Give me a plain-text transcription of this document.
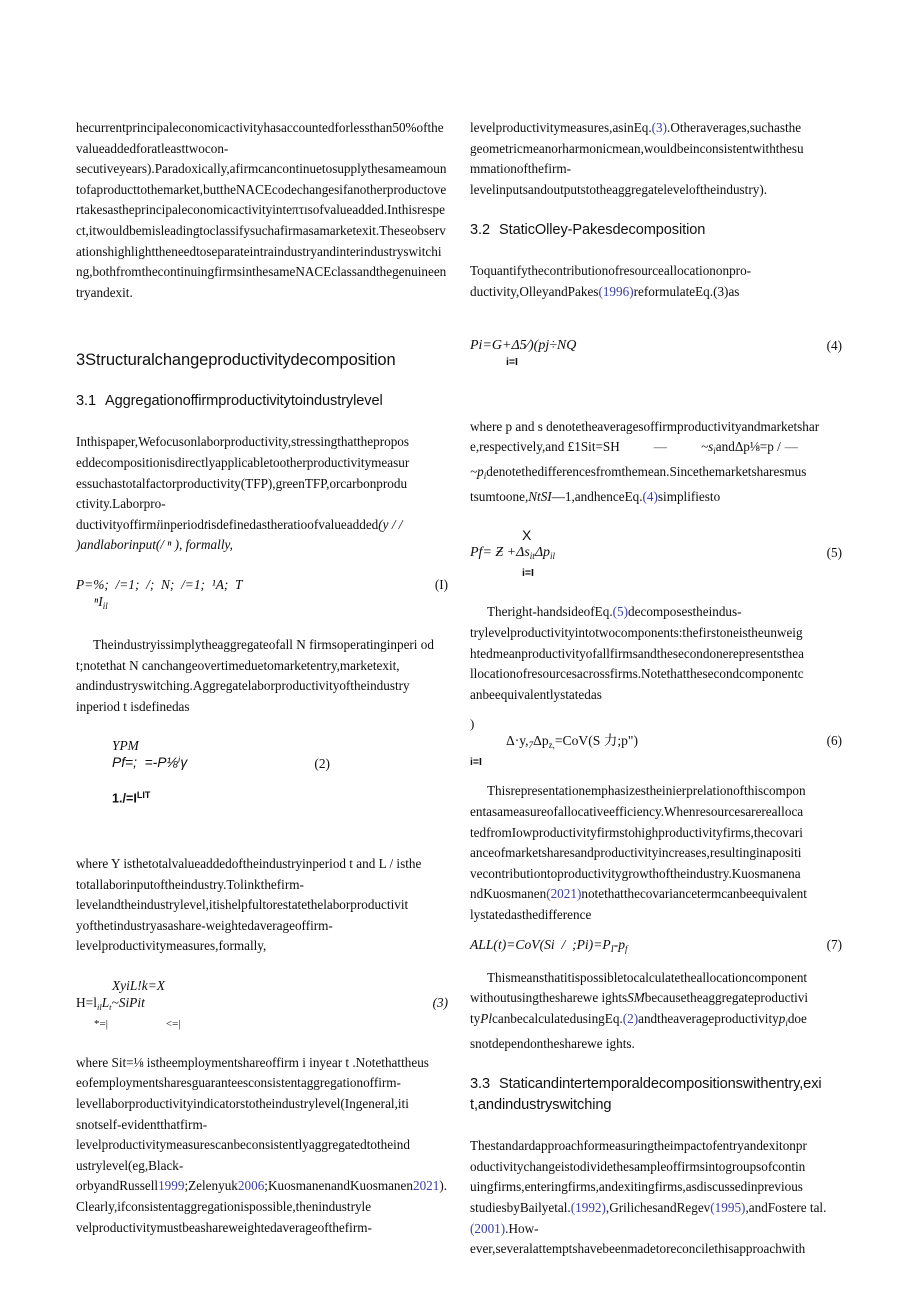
hecurrentprincipaleconomicactivityhasaccountedforlessthan50%ofthevalueaddedforatleasttwocon-secutiveyears).Paradoxically,afirmcancontinuetosupplythesameamountofaproducttothemarket,buttheNACEcodechangesifanotherproductovertakesastheprincipaleconomicactivityinteπτısofvalueadded.Inthisrespect,itwouldbemisleadingtoclassifysuchafirmasamarketexit.Theseobservationshighlighttheneedtoseparateintraindustryandinterindustryswitching,bothfromthecontinuingfirmsinthesameNACEclassandthegenuineentryandexit.

3Structuralchangeproductivitydecomposition
3.1 Aggregationoffirmproductivitytoindustrylevel

Inthispaper,Wefocusonlaborproductivity,stressingthatthepropos eddecompositionisdirectlyapplicabletootherproductivitymeasur essuchastotalfactorproductivity(TFP),greenTFP,orcarbonprodu ctivity.Laborpro-

ductivityoffirmiinperiodtisdefinedastheratioofvalueadded(y / / )andlaborinput(/ ⁿ ), formally,

P=%;  /=1;  /;  N;  /=1;  ¹A;  T
ⁿI$_{il}$
(I)

Theindustryissimplytheaggregateofall N firmsoperatinginperi od t;notethat N canchangeovertimeduetomarketentry,marketexit, andindustryswitching.Aggregatelaborproductivityoftheindustry inperiod t isdefinedas

YPM
Pf=;  =-P⅛ⁱγ
$1./=I^{LIT}$
(2)

where Y isthetotalvalueaddedoftheindustryinperiod t and L / isthe totallaborinputoftheindustry.Tolinkthefirm- levelandtheindustrylevel,itishelpfultorestatethelaborproductivit yofthetindustryasashare-weightedaverageoffirm- levelproductivitymeasures,formally,

XyiL!k=X
$H=l_{il}L_t\sim SiPit$
*=|	<=|
(3)

where Sit=⅛ istheemploymentshareoffirm i inyear t .Notethattheus eofemploymentsharesguaranteesconsistentaggregationoffirm- levellaborproductivityindicatorstotheindustrylevel(Ingeneral,iti snotself-evidentthatfirm- levelproductivitymeasurescanbeconsistentlyaggregatedtotheind ustrylevel(eg,Black-orbyandRussell1999;Zelenyuk2006;KuosmanenandKuosmanen2021).Clearly,ifconsistentaggregationispossible,thenindustryle velproductivitymustbeashareweightedaverageofthefirm-

levelproductivitymeasures,asinEq.(3).Otheraverages,suchasthe geometricmeanorharmonicmean,wouldbeinconsistentwiththesu mmationofthefirm- levelinputsandoutputstotheaggregateleveloftheindustry).

3.2 StaticOlley-Pakesdecomposition

Toquantifythecontributionofresourceallocationonpro- ductivity,OlleyandPakes(1996)reformulateEq.(3)as

Pi=G+Δ5∕)(pj÷NQ
i=I
(4)

where p and s denotetheaveragesoffirmproductivityandmarketshar e,respectively,and £1Sit=SH	—	$\sim s_iand\Delta p\frac{1}{8}=p$ / $—\sim p_idenotethedifferencesfromthemean.Sincethemarketsharesmus$ tsumtoone,NtSI—1,andhenceEq.(4)simplifiesto

X
Pf= Ƶ $+\Delta s_{it}\Delta p_{il}$
i=I
(5)

Theright-handsideofEq.(5)decomposestheindus- trylevelproductivityintotwocomponents:thefirstoneistheunweig htedmeanproductivityofallfirmsandthesecondonerepresentsthea llocationofresourcesacrossfirms.Notethatthesecondcomponentc anbeequivalentlystatedas

)
$\Delta\cdot y,_7\Delta p_{z,}=CoV(S$ 力;p")
i=I
(6)

Thisrepresentationemphasizestheinierprelationofthiscompon entasameasureofallocativeefficiency.Whenresourcesarerealloca tedfromIowproductivityfirmstohighproductivityfirms,thecovari anceofmarketsharesandproductivityincreases,resultinginapositi vecontributiontoproductivitygrowthoftheindustry.Kuosmanena ndKuosmanen(2021)notethatthecovariancetermcanbeequivalent lystatedasthedifference

$ALL(t)=CoV(Si / ;Pi)=P_I-p_f$	(7)

Thismeansthatitispossibletocalculatetheallocationcomponent withoutusingthesharewe ightsSMbecausetheaggregateproductivi tyPlcanbecalculatedusingEq.(2)andtheaverageproductivityp$_i$doe snotdependonthesharewe ights.

3.3 Staticandintertemporaldecompositionswithentry,exi t,andindustryswitching

Thestandardapproachformeasuringtheimpactofentryandexitonpr oductivitychangeistodividethesampleoffirmsintogroupsofcontin uingfirms,enteringfirms,andexitingfirms,asdiscussedinprevious studiesbyBailyetal.(1992),GrilichesandRegev(1995),andFostere tal.(2001).How- ever,severalattemptshavebeenmadetoreconcilethisapproachwith
